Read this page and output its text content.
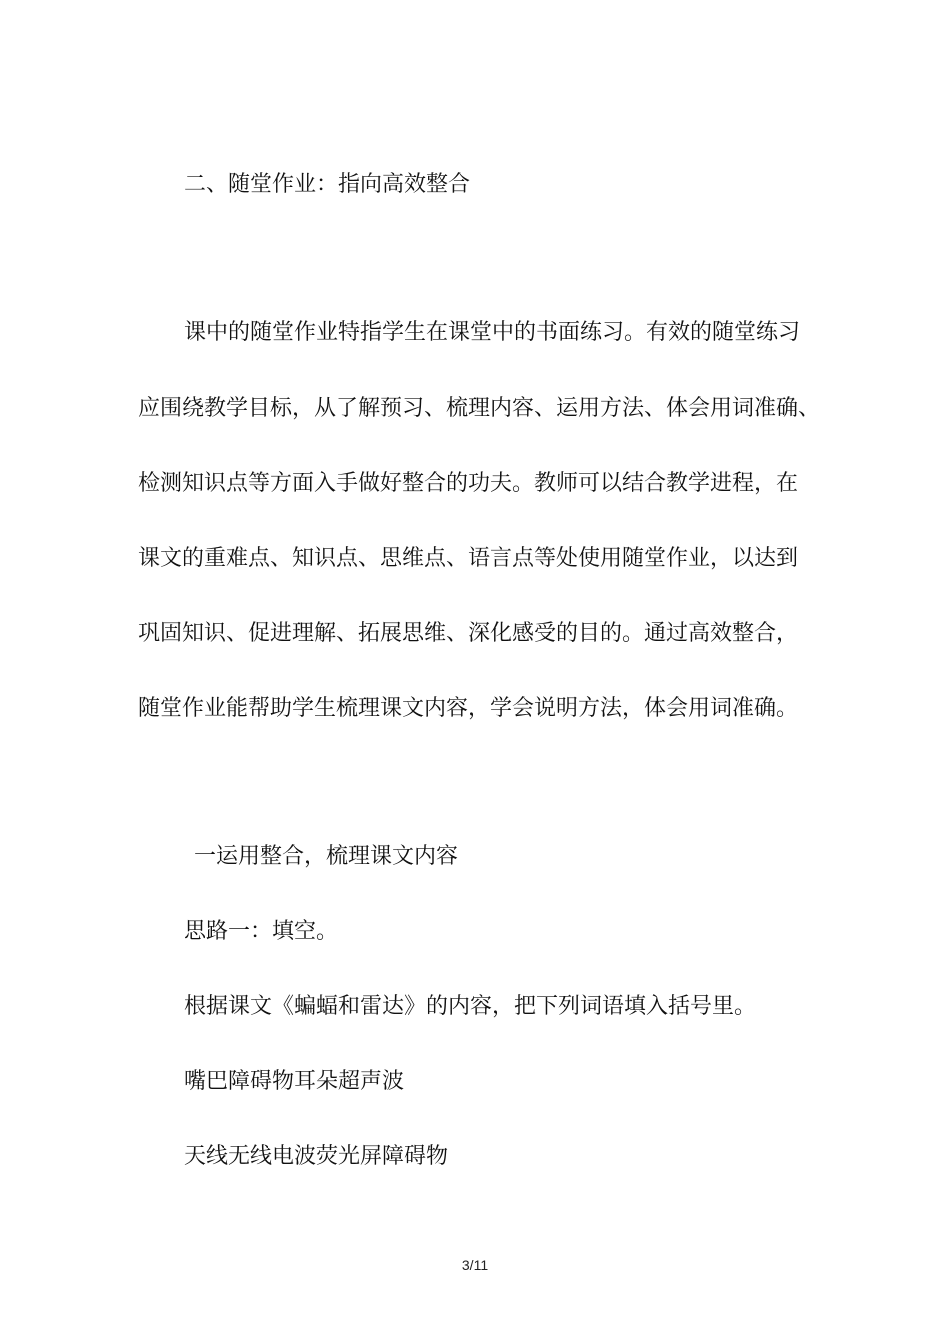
二、随堂作业：指向高效整合
课中的随堂作业特指学生在课堂中的书面练习。有效的随堂练习
应围绕教学目标，从了解预习、梳理内容、运用方法、体会用词准确、
检测知识点等方面入手做好整合的功夫。教师可以结合教学进程，在
课文的重难点、知识点、思维点、语言点等处使用随堂作业，以达到
巩固知识、促进理解、拓展思维、深化感受的目的。通过高效整合，
随堂作业能帮助学生梳理课文内容，学会说明方法，体会用词准确。
一运用整合，梳理课文内容
思路一：填空。
根据课文《蝙蝠和雷达》的内容，把下列词语填入括号里。
嘴巴障碍物耳朵超声波
天线无线电波荧光屏障碍物
3/11
